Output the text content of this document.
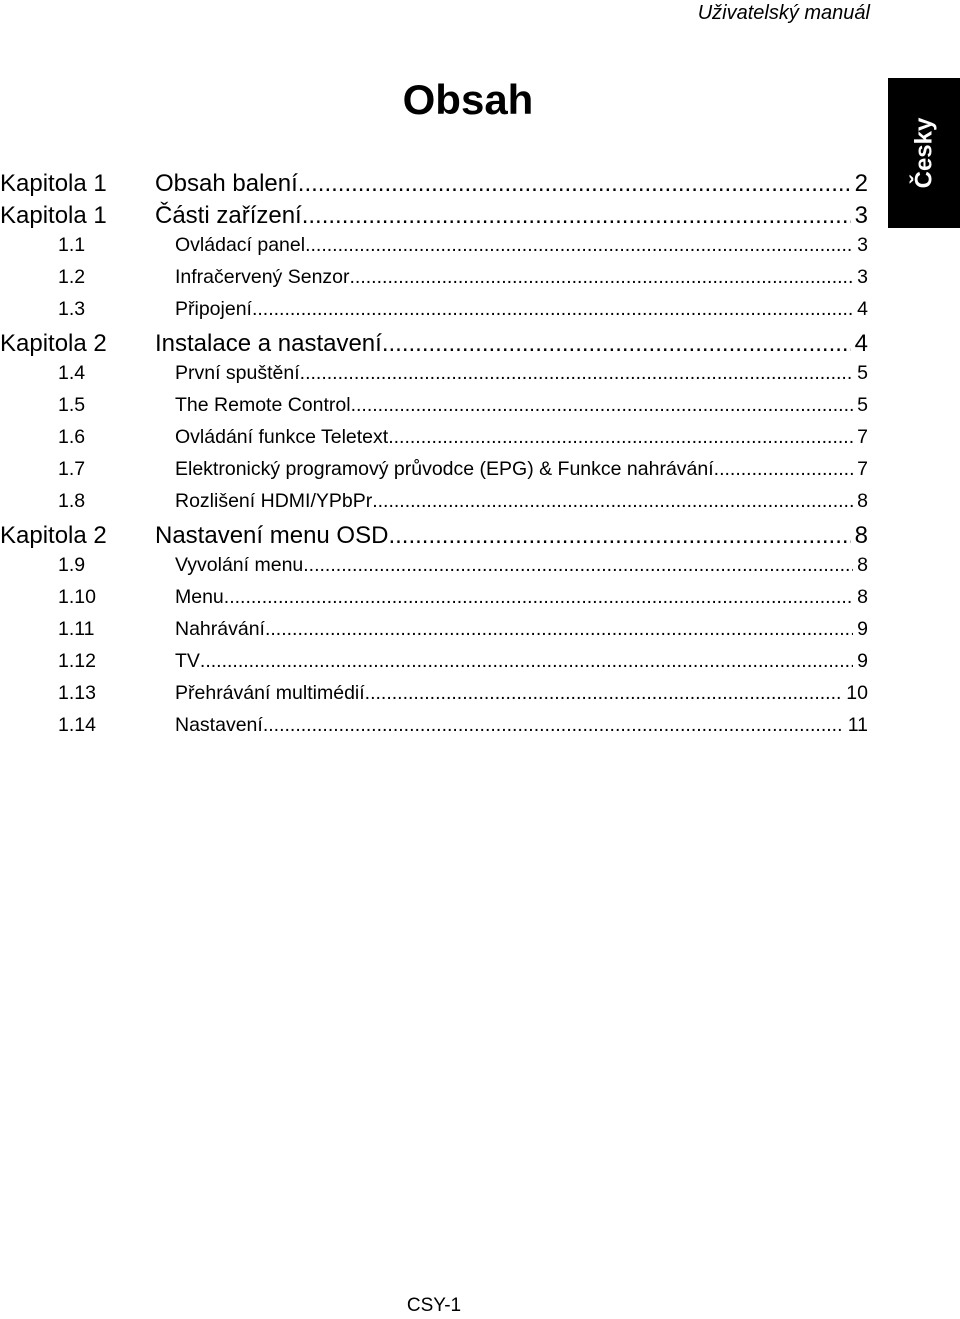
Uživatelský manuál
Česky
Obsah
Kapitola 1	Obsah balení .....	2
Kapitola 1	Části zařízení .....	3
1.1	Ovládací panel .....	3
1.2	Infračervený Senzor .....	3
1.3	Připojení .....	4
Kapitola 2	Instalace a nastavení .....	4
1.4	První spuštění .....	5
1.5	The Remote Control .....	5
1.6	Ovládání funkce Teletext .....	7
1.7	Elektronický programový průvodce (EPG) & Funkce nahrávání .....	7
1.8	Rozlišení HDMI/YPbPr .....	8
Kapitola 2	Nastavení menu OSD .....	8
1.9	Vyvolání menu .....	8
1.10	Menu .....	8
1.11	Nahrávání .....	9
1.12	TV .....	9
1.13	Přehrávání multimédií .....	10
1.14	Nastavení .....	11
CSY-1
